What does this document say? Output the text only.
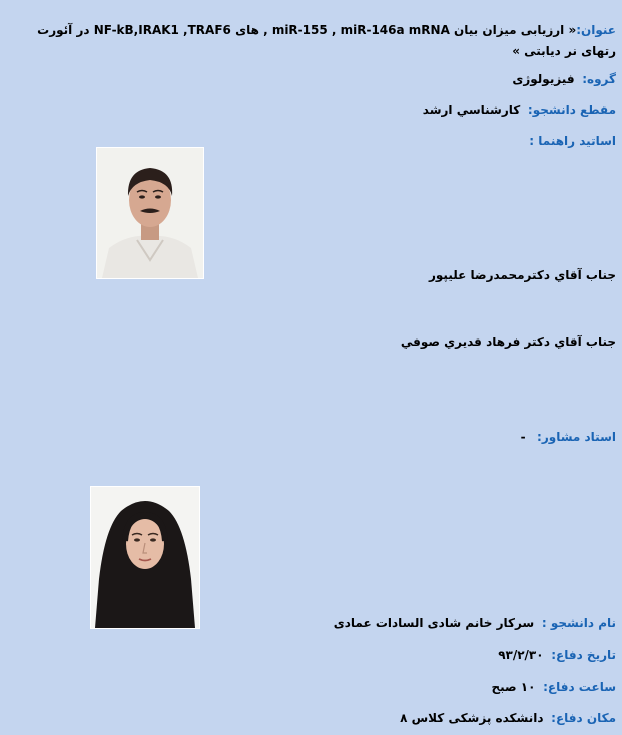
عنوان:« ارزیابی میزان بیان miR-155 , miR-146a mRNA , های NF-kB,IRAK1 ,TRAF6 در آئورت رتهای نر دیابتی »
گروه:  فیزیولوژی
مقطع دانشجو:  کارشناسي ارشد
اساتيد راهنما :
جناب آقاي دکترمحمدرضا عليپور
جناب آقاي دکتر فرهاد قديري صوفي
استاد مشاور:   -
نام دانشجو :  سرکار خانم شادی السادات عمادی
تاریخ دفاع:  ۹۳/۲/۳۰
ساعت دفاع:  ۱۰ صبح
مکان دفاع:  دانشکده پزشکی کلاس ۸
